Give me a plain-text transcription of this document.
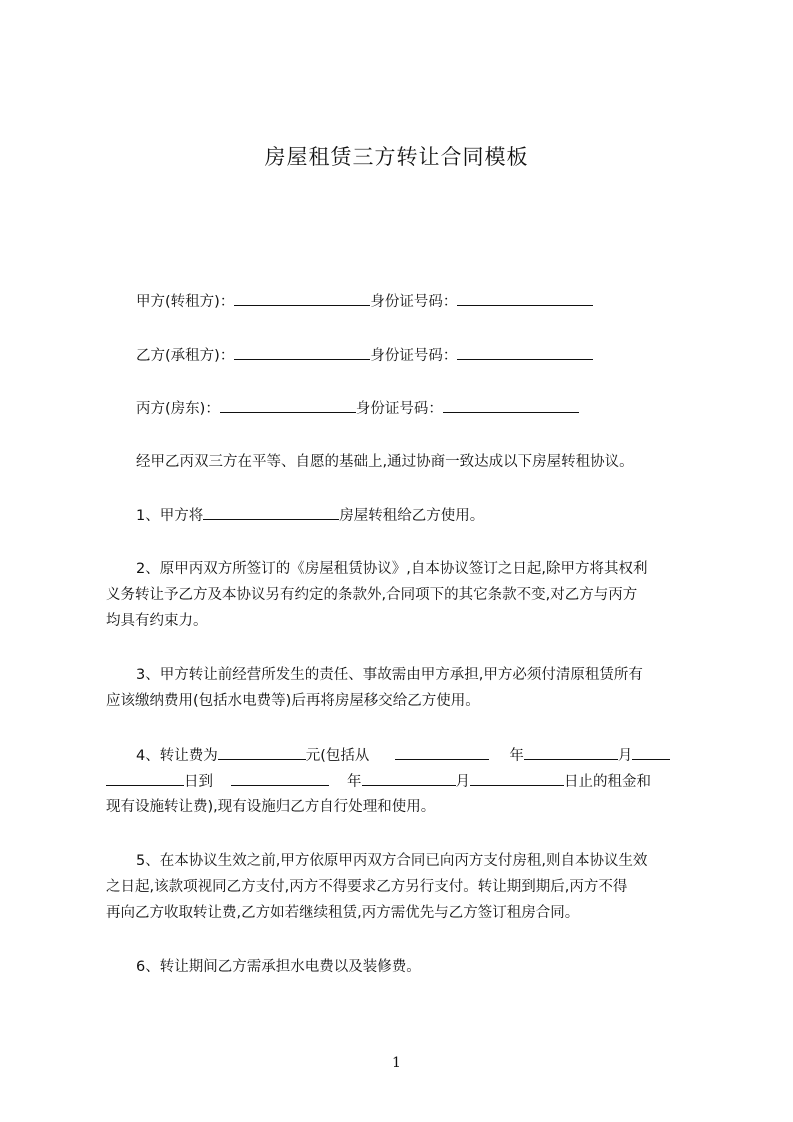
房屋租赁三方转让合同模板
甲方(转租方)：	身份证号码：
乙方(承租方)：	身份证号码：
丙方(房东)：	身份证号码：
经甲乙丙双三方在平等、自愿的基础上,通过协商一致达成以下房屋转租协议。
1、甲方将	房屋转租给乙方使用。
2、原甲丙双方所签订的《房屋租赁协议》,自本协议签订之日起,除甲方将其权利
义务转让予乙方及本协议另有约定的条款外,合同项下的其它条款不变,对乙方与丙方
均具有约束力。
3、甲方转让前经营所发生的责任、事故需由甲方承担,甲方必须付清原租赁所有
应该缴纳费用(包括水电费等)后再将房屋移交给乙方使用。
4、转让费为	元(包括从	年	月
日到	年	月	日止的租金和
现有设施转让费),现有设施归乙方自行处理和使用。
5、在本协议生效之前,甲方依原甲丙双方合同已向丙方支付房租,则自本协议生效
之日起,该款项视同乙方支付,丙方不得要求乙方另行支付。转让期到期后,丙方不得
再向乙方收取转让费,乙方如若继续租赁,丙方需优先与乙方签订租房合同。
6、转让期间乙方需承担水电费以及装修费。
1
